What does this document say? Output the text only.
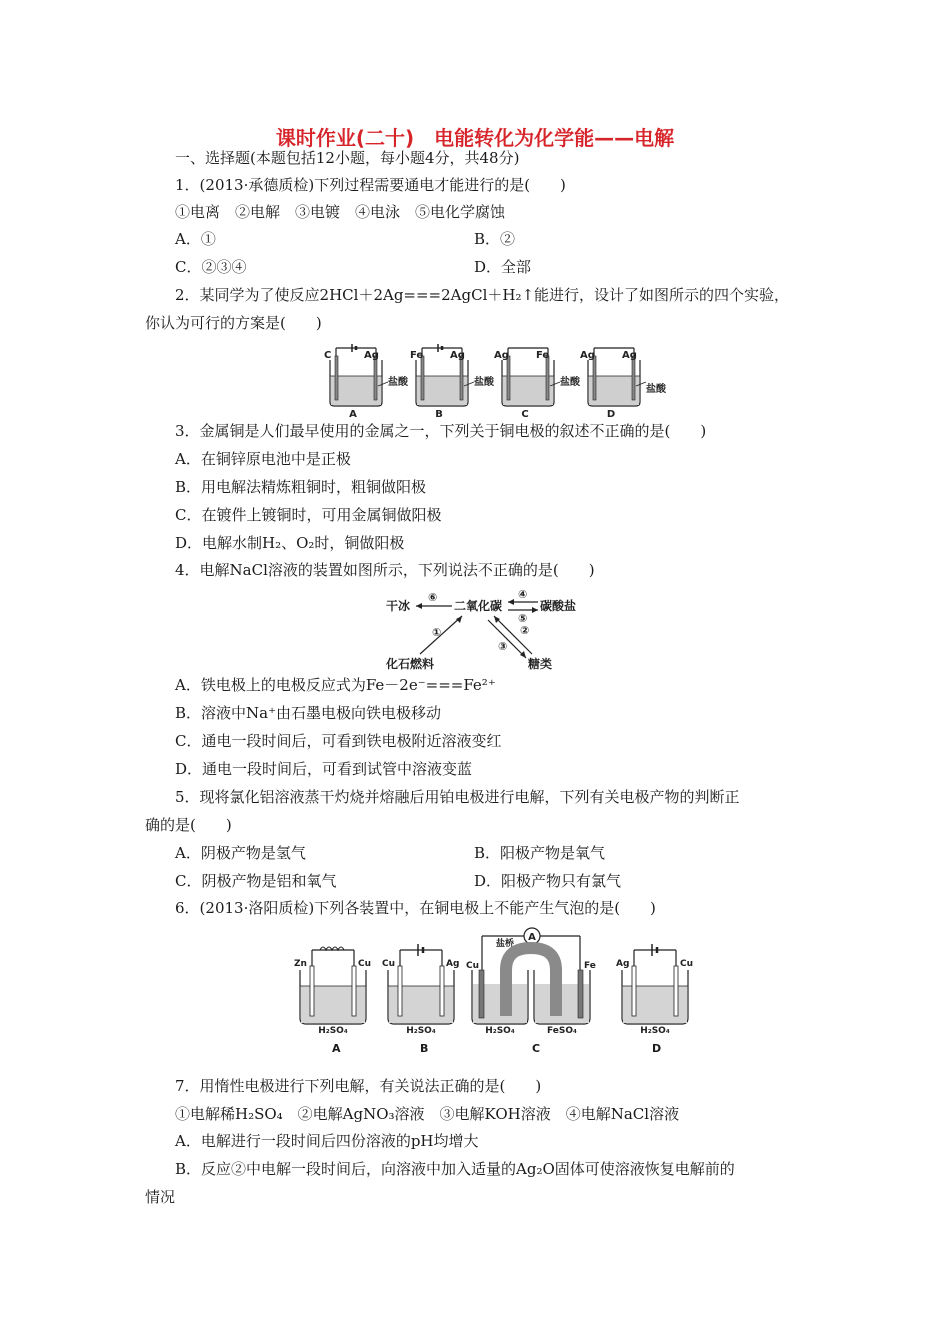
课时作业(二十)　电能转化为化学能——电解
一、选择题(本题包括12小题，每小题4分，共48分)
1．(2013·承德质检)下列过程需要通电才能进行的是(　　)
①电离　②电解　③电镀　④电泳　⑤电化学腐蚀
A．①	B．②
C．②③④	D．全部
2．某同学为了使反应2HCl＋2Ag===2AgCl＋H₂↑能进行，设计了如图所示的四个实验，
你认为可行的方案是(　　)
C	Ag
盐酸
A
Fe	Ag
盐酸
B
Ag	Fe
盐酸
C
Ag	Ag
盐酸
D
3．金属铜是人们最早使用的金属之一，下列关于铜电极的叙述不正确的是(　　)
A．在铜锌原电池中是正极
B．用电解法精炼粗铜时，粗铜做阳极
C．在镀件上镀铜时，可用金属铜做阳极
D．电解水制H₂、O₂时，铜做阳极
4．电解NaCl溶液的装置如图所示，下列说法不正确的是(　　)
干冰	二氧化碳	碳酸盐
化石燃料	糖类
⑥	④
⑤
①	②
③
A．铁电极上的电极反应式为Fe－2e⁻===Fe²⁺
B．溶液中Na⁺由石墨电极向铁电极移动
C．通电一段时间后，可看到铁电极附近溶液变红
D．通电一段时间后，可看到试管中溶液变蓝
5．现将氯化铝溶液蒸干灼烧并熔融后用铂电极进行电解，下列有关电极产物的判断正
确的是(　　)
A．阴极产物是氢气	B．阳极产物是氧气
C．阴极产物是铝和氧气	D．阳极产物只有氯气
6．(2013·洛阳质检)下列各装置中，在铜电极上不能产生气泡的是(　　)
Zn	Cu
H₂SO₄
Cu	Ag
H₂SO₄
A
盐桥
Cu	Fe
H₂SO₄	FeSO₄
Ag	Cu
H₂SO₄
A	B	C	D
7．用惰性电极进行下列电解，有关说法正确的是(　　)
①电解稀H₂SO₄　②电解AgNO₃溶液　③电解KOH溶液　④电解NaCl溶液
A．电解进行一段时间后四份溶液的pH均增大
B．反应②中电解一段时间后，向溶液中加入适量的Ag₂O固体可使溶液恢复电解前的
情况
